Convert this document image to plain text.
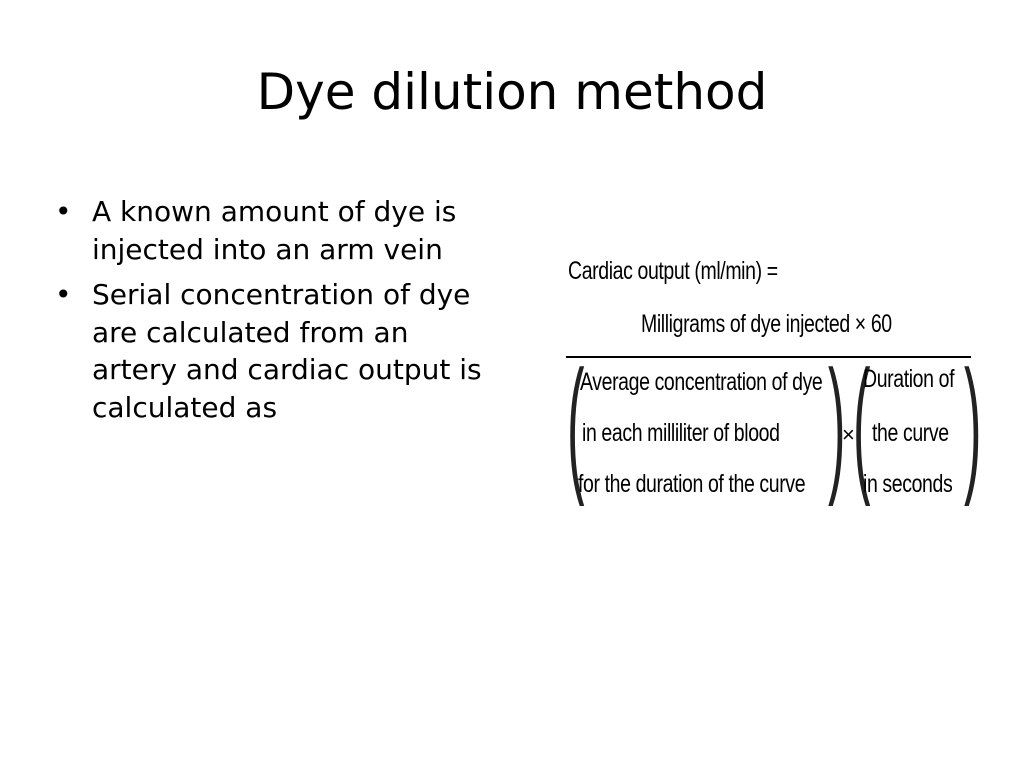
Dye dilution method
• A known amount of dye is injected into an arm vein
• Serial concentration of dye are calculated from an artery and cardiac output is calculated as
Cardiac output (ml/min) =
Milligrams of dye injected × 60
(
Average concentration of dye
in each milliliter of blood
for the duration of the curve )
×
(
Duration of
the curve
in seconds )
